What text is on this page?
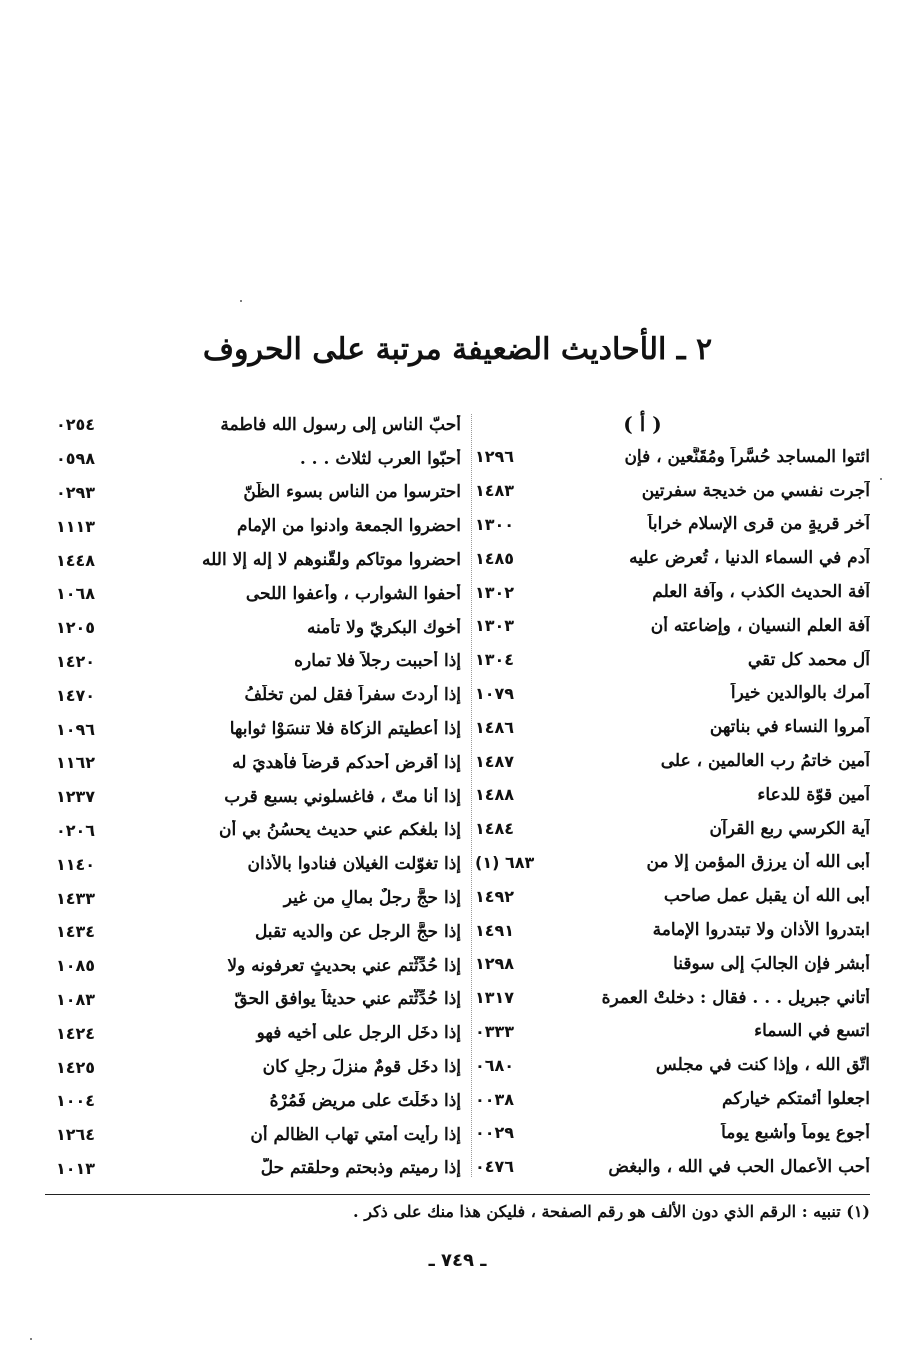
٢ ـ الأحاديث الضعيفة مرتبة على الحروف
( أ )
ائتوا المساجد حُسَّراً ومُقَنَّعين ، فإن
١٢٩٦
آجرت نفسي من خديجة سفرتين
١٤٨٣
آخر قريةٍ من قرى الإسلام خراباً
١٣٠٠
آدم في السماء الدنيا ، تُعرض عليه
١٤٨٥
آفة الحديث الكذب ، وآفة العلم
١٣٠٢
آفة العلم النسيان ، وإضاعته أن
١٣٠٣
آل محمد كل تقي
١٣٠٤
آمرك بالوالدين خيراً
١٠٧٩
آمروا النساء في بناتهن
١٤٨٦
آمين خاتمُ رب العالمين ، على
١٤٨٧
آمين قوّة للدعاء
١٤٨٨
آية الكرسي ربع القرآن
١٤٨٤
أبى الله أن يرزق المؤمن إلا من
٦٨٣ (١)
أبى الله أن يقبل عمل صاحب
١٤٩٢
ابتدروا الأذان ولا تبتدروا الإمامة
١٤٩١
أبشر فإن الجالبَ إلى سوقنا
١٢٩٨
أتاني جبريل . . . فقال : دخلتْ العمرة
١٣١٧
اتسع في السماء
٠٣٣٣
اتّق الله ، وإذا كنت في مجلس
٠٦٨٠
اجعلوا أئمتكم خياركم
٠٠٣٨
أجوع يوماً وأشبع يوماً
٠٠٢٩
أحب الأعمال الحب في الله ، والبغض
٠٤٧٦
أحبّ الناس إلى رسول الله فاطمة
٠٢٥٤
أحبّوا العرب لثلاث . . .
٠٥٩٨
احترسوا من الناس بسوء الظّنّ
٠٢٩٣
احضروا الجمعة وادنوا من الإمام
١١١٣
احضروا موتاكم ولقّنوهم لا إله إلا الله
١٤٤٨
أحفوا الشوارب ، وأعفوا اللحى
١٠٦٨
أخوك البكريّ ولا تأمنه
١٢٠٥
إذا أحببت رجلاً فلا تماره
١٤٢٠
إذا أردتَ سفراً فقل لمن تخلّفُ
١٤٧٠
إذا أعطيتم الزكاة فلا تنسَوْا ثوابها
١٠٩٦
إذا أقرض أحدكم قرضاً فأُهديَ له
١١٦٢
إذا أنا متّ ، فاغسلوني بسبع قرب
١٢٣٧
إذا بلغكم عني حديث يحسُنُ بي أن
٠٢٠٦
إذا تغوّلت الغيلان فنادوا بالأذان
١١٤٠
إذا حجَّ رجلٌ بمالٍ من غير
١٤٣٣
إذا حجَّ الرجل عن والديه تقبل
١٤٣٤
إذا حُدِّثْتم عني بحديثٍ تعرفونه ولا
١٠٨٥
إذا حُدِّثْتم عني حديثاً يوافق الحقّ
١٠٨٣
إذا دخَل الرجل على أخيه فهو
١٤٢٤
إذا دخَل قومٌ منزلَ رجلٍ كان
١٤٢٥
إذا دخَلْتَ على مريض فَمُرْهُ
١٠٠٤
إذا رأيت أمتي تهاب الظالم أن
١٢٦٤
إذا رميتم وذبحتم وحلقتم حلّ
١٠١٣
(١) تنبيه : الرقم الذي دون الألف هو رقم الصفحة ، فليكن هذا منك على ذكر .
ـ ٧٤٩ ـ
